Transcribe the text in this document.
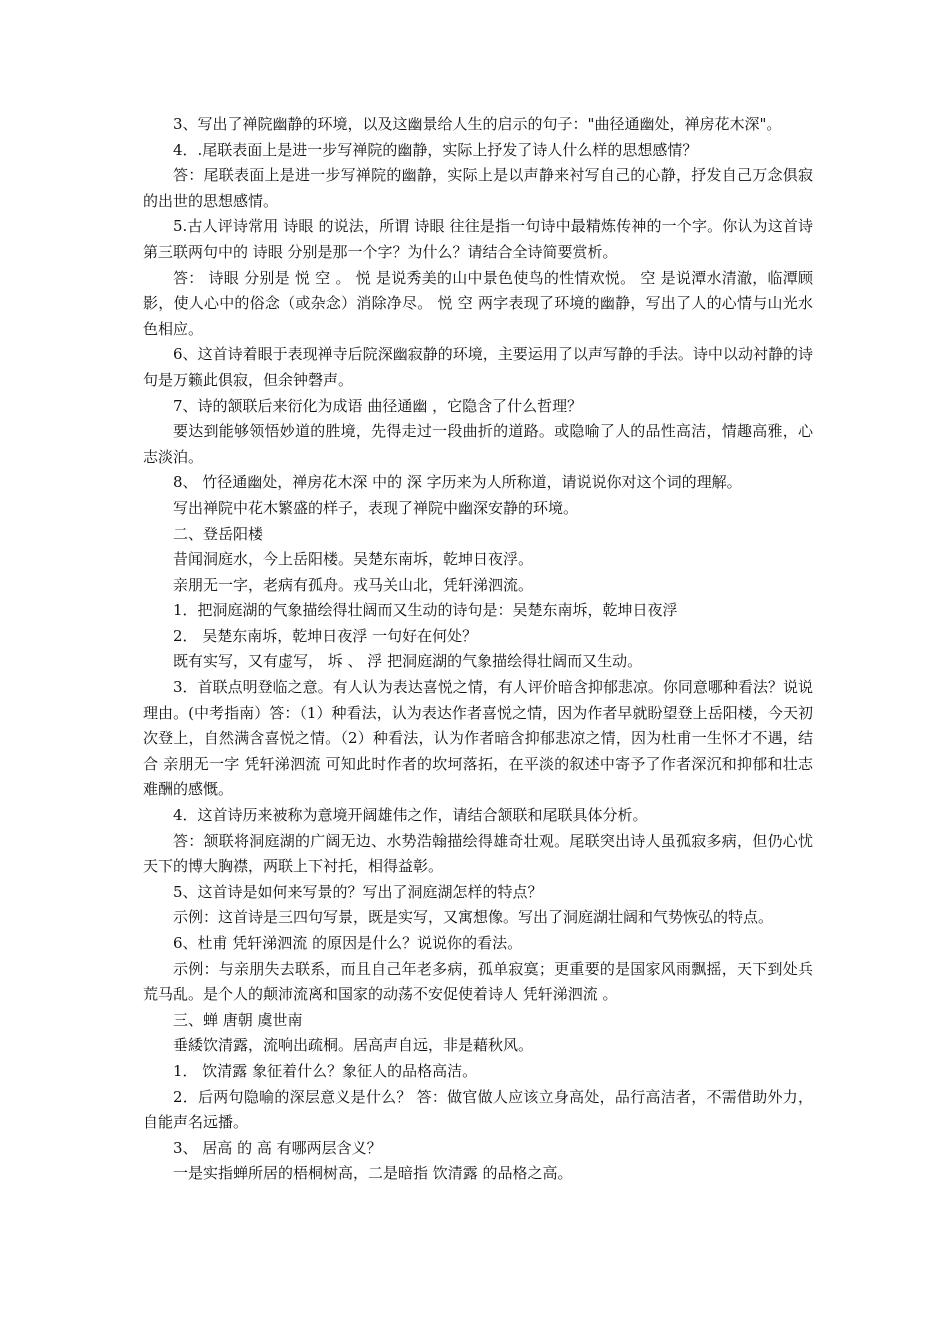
3、写出了禅院幽静的环境，以及这幽景给人生的启示的句子："曲径通幽处，禅房花木深"。

4．.尾联表面上是进一步写禅院的幽静，实际上抒发了诗人什么样的思想感情？

答：尾联表面上是进一步写禅院的幽静，实际上是以声静来衬写自己的心静，抒发自己万念俱寂的出世的思想感情。

5.古人评诗常用 诗眼 的说法，所谓 诗眼 往往是指一句诗中最精炼传神的一个字。你认为这首诗第三联两句中的 诗眼 分别是那一个字？为什么？请结合全诗简要赏析。

答： 诗眼 分别是 悦 空 。 悦 是说秀美的山中景色使鸟的性情欢悦。 空 是说潭水清澈，临潭顾影，使人心中的俗念（或杂念）消除净尽。 悦 空 两字表现了环境的幽静，写出了人的心情与山光水色相应。

6、这首诗着眼于表现禅寺后院深幽寂静的环境，主要运用了以声写静的手法。诗中以动衬静的诗句是万籁此俱寂，但余钟磬声。

7、诗的颔联后来衍化为成语 曲径通幽 ，它隐含了什么哲理？

要达到能够领悟妙道的胜境，先得走过一段曲折的道路。或隐喻了人的品性高洁，情趣高雅，心志淡泊。

8、 竹径通幽处，禅房花木深 中的 深 字历来为人所称道，请说说你对这个词的理解。

写出禅院中花木繁盛的样子，表现了禅院中幽深安静的环境。

二、登岳阳楼

昔闻洞庭水，今上岳阳楼。吴楚东南坼，乾坤日夜浮。

亲朋无一字，老病有孤舟。戎马关山北，凭轩涕泗流。

1．把洞庭湖的气象描绘得壮阔而又生动的诗句是：吴楚东南坼，乾坤日夜浮

2． 吴楚东南坼，乾坤日夜浮 一句好在何处？

既有实写，又有虚写， 坼 、 浮 把洞庭湖的气象描绘得壮阔而又生动。

3．首联点明登临之意。有人认为表达喜悦之情，有人评价暗含抑郁悲凉。你同意哪种看法？说说理由。(中考指南）答：（1）种看法，认为表达作者喜悦之情，因为作者早就盼望登上岳阳楼，今天初次登上，自然满含喜悦之情。（2）种看法，认为作者暗含抑郁悲凉之情，因为杜甫一生怀才不遇，结合 亲朋无一字 凭轩涕泗流 可知此时作者的坎坷落拓，在平淡的叙述中寄予了作者深沉和抑郁和壮志难酬的感慨。

4．这首诗历来被称为意境开阔雄伟之作，请结合颔联和尾联具体分析。

答：颔联将洞庭湖的广阔无边、水势浩翰描绘得雄奇壮观。尾联突出诗人虽孤寂多病，但仍心忧天下的博大胸襟，两联上下衬托，相得益彰。

5、这首诗是如何来写景的？写出了洞庭湖怎样的特点？

示例：这首诗是三四句写景，既是实写，又寓想像。写出了洞庭湖壮阔和气势恢弘的特点。

6、杜甫 凭轩涕泗流 的原因是什么？说说你的看法。

示例：与亲朋失去联系，而且自己年老多病，孤单寂寞；更重要的是国家风雨飘摇，天下到处兵荒马乱。是个人的颠沛流离和国家的动荡不安促使着诗人 凭轩涕泗流 。

三、蝉 唐朝 虞世南

垂緌饮清露，流响出疏桐。居高声自远，非是藉秋风。

1． 饮清露 象征着什么？象征人的品格高洁。

2．后两句隐喻的深层意义是什么？ 答：做官做人应该立身高处，品行高洁者，不需借助外力，自能声名远播。

3、 居高 的 高 有哪两层含义？

一是实指蝉所居的梧桐树高，二是暗指 饮清露 的品格之高。
